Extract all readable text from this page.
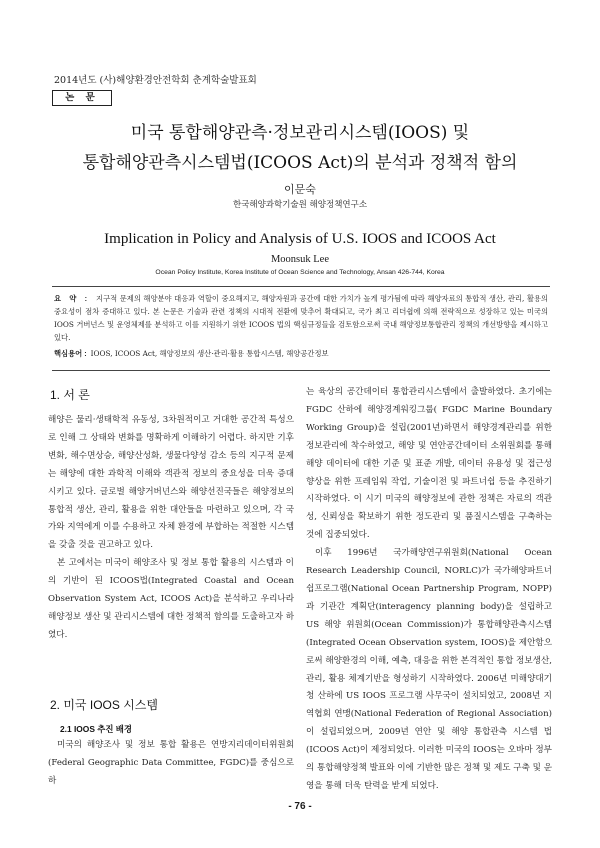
2014년도 (사)해양환경안전학회 춘계학술발표회
논 문
미국 통합해양관측·정보관리시스템(IOOS) 및
통합해양관측시스템법(ICOOS Act)의 분석과 정책적 함의
이문숙
한국해양과학기술원 해양정책연구소
Implication in Policy and Analysis of U.S. IOOS and ICOOS Act
Moonsuk Lee
Ocean Policy Institute, Korea Institute of Ocean Science and Technology, Ansan 426-744, Korea
요 약 : 지구적 문제의 해양분야 대응과 역할이 중요해지고, 해양자원과 공간에 대한 가치가 높게 평가됨에 따라 해양자료의 통합적 생산, 관리, 활용의 중요성이 점차 증대하고 있다. 본 논문은 기술과 관련 정책의 시대적 전환에 맞추어 확대되고, 국가 최고 리더쉽에 의해 전략적으로 성장하고 있는 미국의 IOOS 거버넌스 및 운영체제를 분석하고 이를 지원하기 위한 ICOOS 법의 핵심규정들을 검토함으로써 국내 해양정보통합관리 정책의 개선방향을 제시하고 있다.
핵심용어 : IOOS, ICOOS Act, 해양정보의 생산·관리·활용 통합시스템, 해양공간정보
1. 서 론

해양은 물리·생태학적 유동성, 3차원적이고 거대한 공간적 특성으로 인해 그 상태와 변화를 명확하게 이해하기 어렵다. 하지만 기후변화, 해수면상승, 해양산성화, 생물다양성 감소 등의 지구적 문제는 해양에 대한 과학적 이해와 객관적 정보의 중요성을 더욱 증대시키고 있다. 글로벌 해양거버넌스와 해양선진국들은 해양정보의 통합적 생산, 관리, 활용을 위한 대안들을 마련하고 있으며, 각 국가와 지역에게 이를 수용하고 자체 환경에 부합하는 적절한 시스템을 갖출 것을 권고하고 있다.

본 고에서는 미국이 해양조사 및 정보 통합 활용의 시스템과 이의 기반이 된 ICOOS법(Integrated Coastal and Ocean Observation System Act, ICOOS Act)을 분석하고 우리나라 해양정보 생산 및 관리시스템에 대한 정책적 함의를 도출하고자 하였다.

2. 미국 IOOS 시스템
2.1 IOOS 추진 배경

미국의 해양조사 및 정보 통합 활용은 연방지리데이터위원회(Federal Geographic Data Committee, FGDC)를 중심으로 하

는 육상의 공간데이터 통합관리시스템에서 출발하였다. 초기에는 FGDC 산하에 해양경계워킹그룹( FGDC Marine Boundary Working Group)을 설립(2001년)하면서 해양경계관리를 위한 정보관리에 착수하였고, 해양 및 연안공간데이터 소위원회를 통해 해양 데이터에 대한 기준 및 표준 개발, 데이터 유용성 및 접근성 향상을 위한 프레임워 작업, 기술이전 및 파트너쉽 등을 추진하기 시작하였다. 이 시기 미국의 해양정보에 관한 정책은 자료의 객관성, 신뢰성을 확보하기 위한 정도관리 및 품질시스템을 구축하는 것에 집중되었다.

이후 1996년 국가해양연구위원회(National Ocean Research Leadership Council, NORLC)가 국가해양파트너쉽프로그램(National Ocean Partnership Program, NOPP)과 기관간 계획단(interagency planning body)을 설립하고 US 해양 위원회(Ocean Commission)가 통합해양관측시스템(Integrated Ocean Observation system, IOOS)을 제안함으로써 해양환경의 이해, 예측, 대응을 위한 본격적인 통합 정보생산, 관리, 활용 체계기반을 형성하기 시작하였다. 2006년 미해양대기청 산하에 US IOOS 프로그램 사무국이 설치되었고, 2008년 지역협회 연맹(National Federation of Regional Association)이 설립되었으며, 2009년 연안 및 해양 통합관측 시스템 법(ICOOS Act)이 제정되었다. 이러한 미국의 IOOS는 오바마 정부의 통합해양정책 발표와 이에 기반한 많은 정책 및 제도 구축 및 운영을 통해 더욱 탄력을 받게 되었다.

- 76 -
